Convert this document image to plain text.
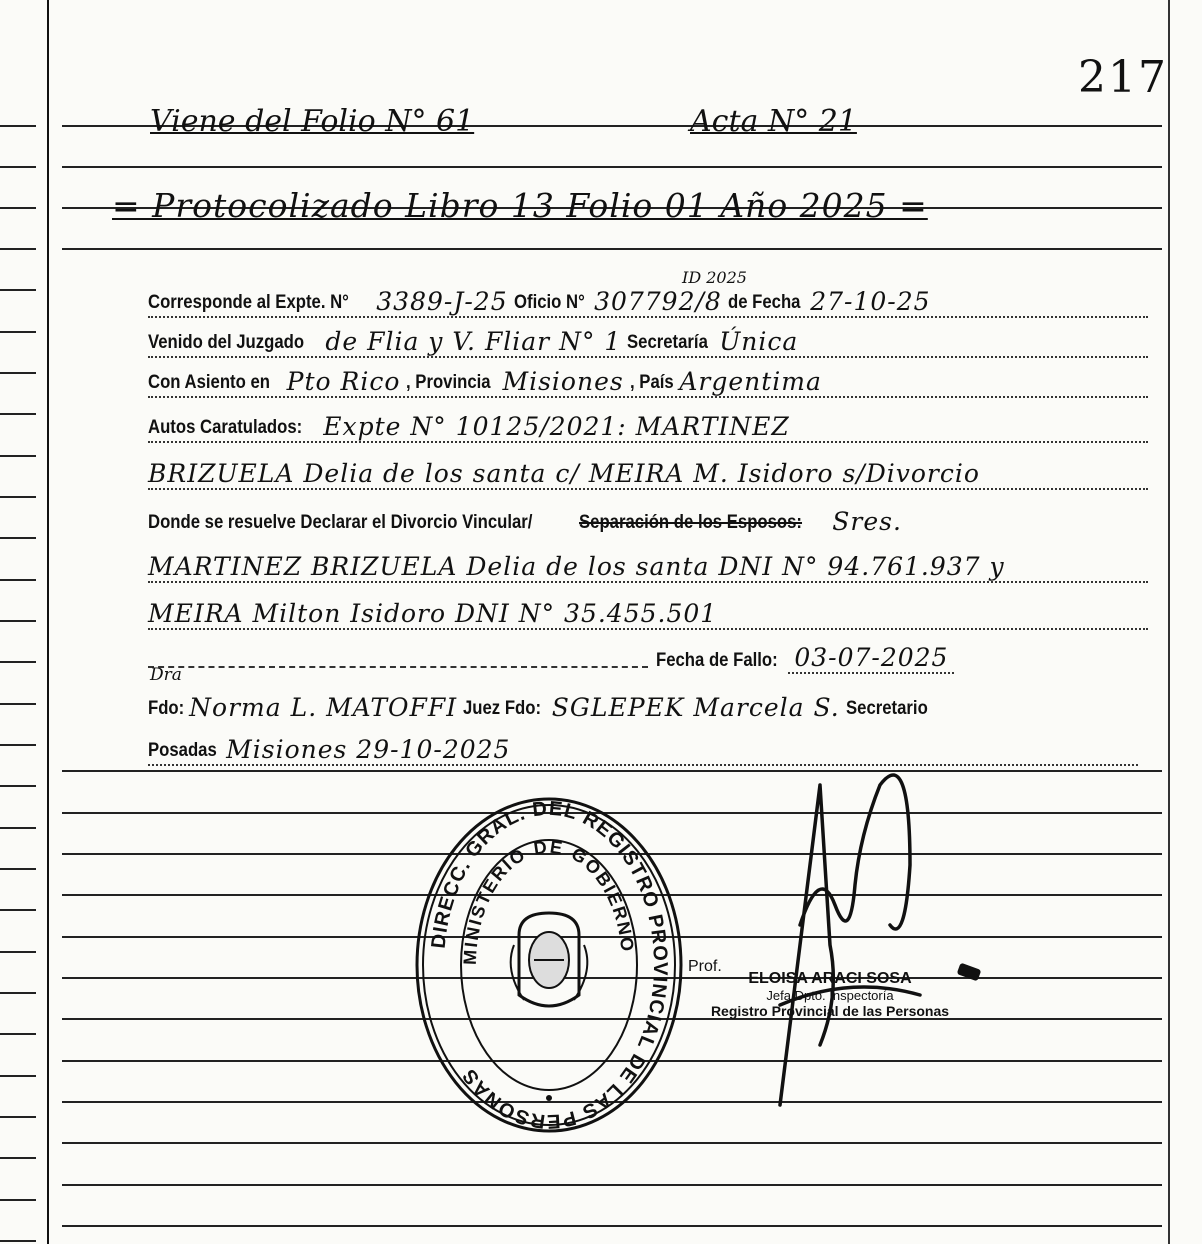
217
Viene del Folio N° 61	Acta N° 21
= Protocolizado Libro 13 Folio 01 Año 2025 =
Corresponde al Expte. N° 3389-J-25 Oficio N° 307792/8 de Fecha 27-10-25
ID 2025
Venido del Juzgado de Flia y V. Fliar N° 1 Secretaría Única
Con Asiento en Pto Rico , Provincia Misiones , País Argentima
Autos Caratulados: Expte N° 10125/2021: MARTINEZ
BRIZUELA Delia de los santa c/ MEIRA M. Isidoro s/Divorcio
Donde se resuelve Declarar el Divorcio Vincular/ Separación de los Esposos: Sres.
MARTINEZ BRIZUELA Delia de los santa DNI N° 94.761.937 y
MEIRA Milton Isidoro DNI N° 35.455.501
Fecha de Fallo: 03-07-2025
Fdo: Norma L. MATOFFI Juez Fdo: SGLEPEK Marcela S. Secretario
Dra
Posadas Misiones 29-10-2025
DIRECC. GRAL. DEL REGISTRO PROVINCIAL DE LAS PERSONAS
MINISTERIO DE GOBIERNO
Prof.
ELOISA ARACI SOSA
Jefa Dpto. Inspectoría
Registro Provincial de las Personas
